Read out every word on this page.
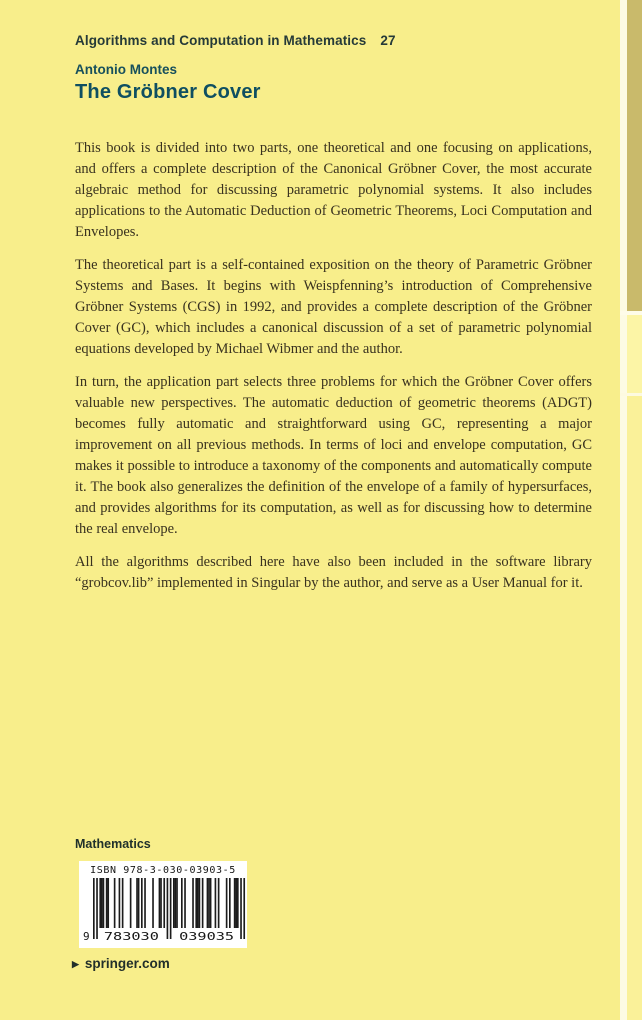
Algorithms and Computation in Mathematics 27
Antonio Montes
The Gröbner Cover

This book is divided into two parts, one theoretical and one focusing on applications, and offers a complete description of the Canonical Gröbner Cover, the most accurate algebraic method for discussing parametric polynomial systems. It also includes applications to the Automatic Deduction of Geometric Theorems, Loci Computation and Envelopes.

The theoretical part is a self-contained exposition on the theory of Parametric Gröbner Systems and Bases. It begins with Weispfenning’s introduction of Comprehensive Gröbner Systems (CGS) in 1992, and provides a complete description of the Gröbner Cover (GC), which includes a canonical discussion of a set of parametric polynomial equations developed by Michael Wibmer and the author.

In turn, the application part selects three problems for which the Gröbner Cover offers valuable new perspectives. The automatic deduction of geometric theorems (ADGT) becomes fully automatic and straightforward using GC, representing a major improvement on all previous methods. In terms of loci and envelope computation, GC makes it possible to introduce a taxonomy of the components and automatically compute it. The book also generalizes the definition of the envelope of a family of hypersurfaces, and provides algorithms for its computation, as well as for discussing how to determine the real envelope.

All the algorithms described here have also been included in the software library “grobcov.lib” implemented in Singular by the author, and serve as a User Manual for it.

Mathematics
ISBN 978-3-030-03903-5
9 783030 039035
▶ springer.com
